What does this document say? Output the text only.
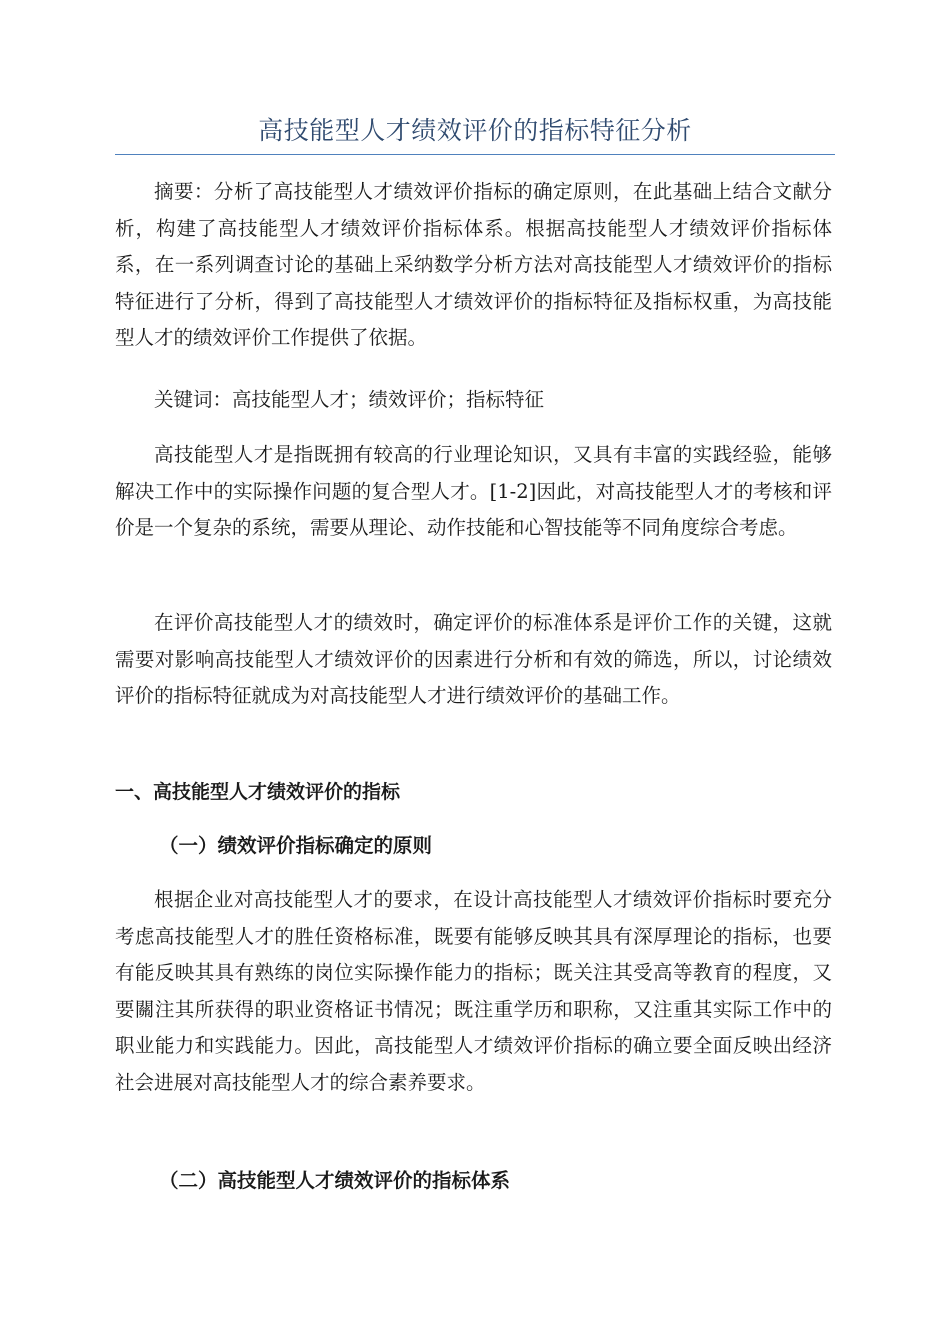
高技能型人才绩效评价的指标特征分析

摘要：分析了高技能型人才绩效评价指标的确定原则，在此基础上结合文献分析，构建了高技能型人才绩效评价指标体系。根据高技能型人才绩效评价指标体系，在一系列调查讨论的基础上采纳数学分析方法对高技能型人才绩效评价的指标特征进行了分析，得到了高技能型人才绩效评价的指标特征及指标权重，为高技能型人才的绩效评价工作提供了依据。

关键词：高技能型人才；绩效评价；指标特征

高技能型人才是指既拥有较高的行业理论知识，又具有丰富的实践经验，能够解决工作中的实际操作问题的复合型人才。[1-2]因此，对高技能型人才的考核和评价是一个复杂的系统，需要从理论、动作技能和心智技能等不同角度综合考虑。

在评价高技能型人才的绩效时，确定评价的标准体系是评价工作的关键，这就需要对影响高技能型人才绩效评价的因素进行分析和有效的筛选，所以，讨论绩效评价的指标特征就成为对高技能型人才进行绩效评价的基础工作。

一、高技能型人才绩效评价的指标
（一）绩效评价指标确定的原则

根据企业对高技能型人才的要求，在设计高技能型人才绩效评价指标时要充分考虑高技能型人才的胜任资格标准，既要有能够反映其具有深厚理论的指标，也要有能反映其具有熟练的岗位实际操作能力的指标；既关注其受高等教育的程度，又要關注其所获得的职业资格证书情况；既注重学历和职称，又注重其实际工作中的职业能力和实践能力。因此，高技能型人才绩效评价指标的确立要全面反映出经济社会进展对高技能型人才的综合素养要求。

（二）高技能型人才绩效评价的指标体系
